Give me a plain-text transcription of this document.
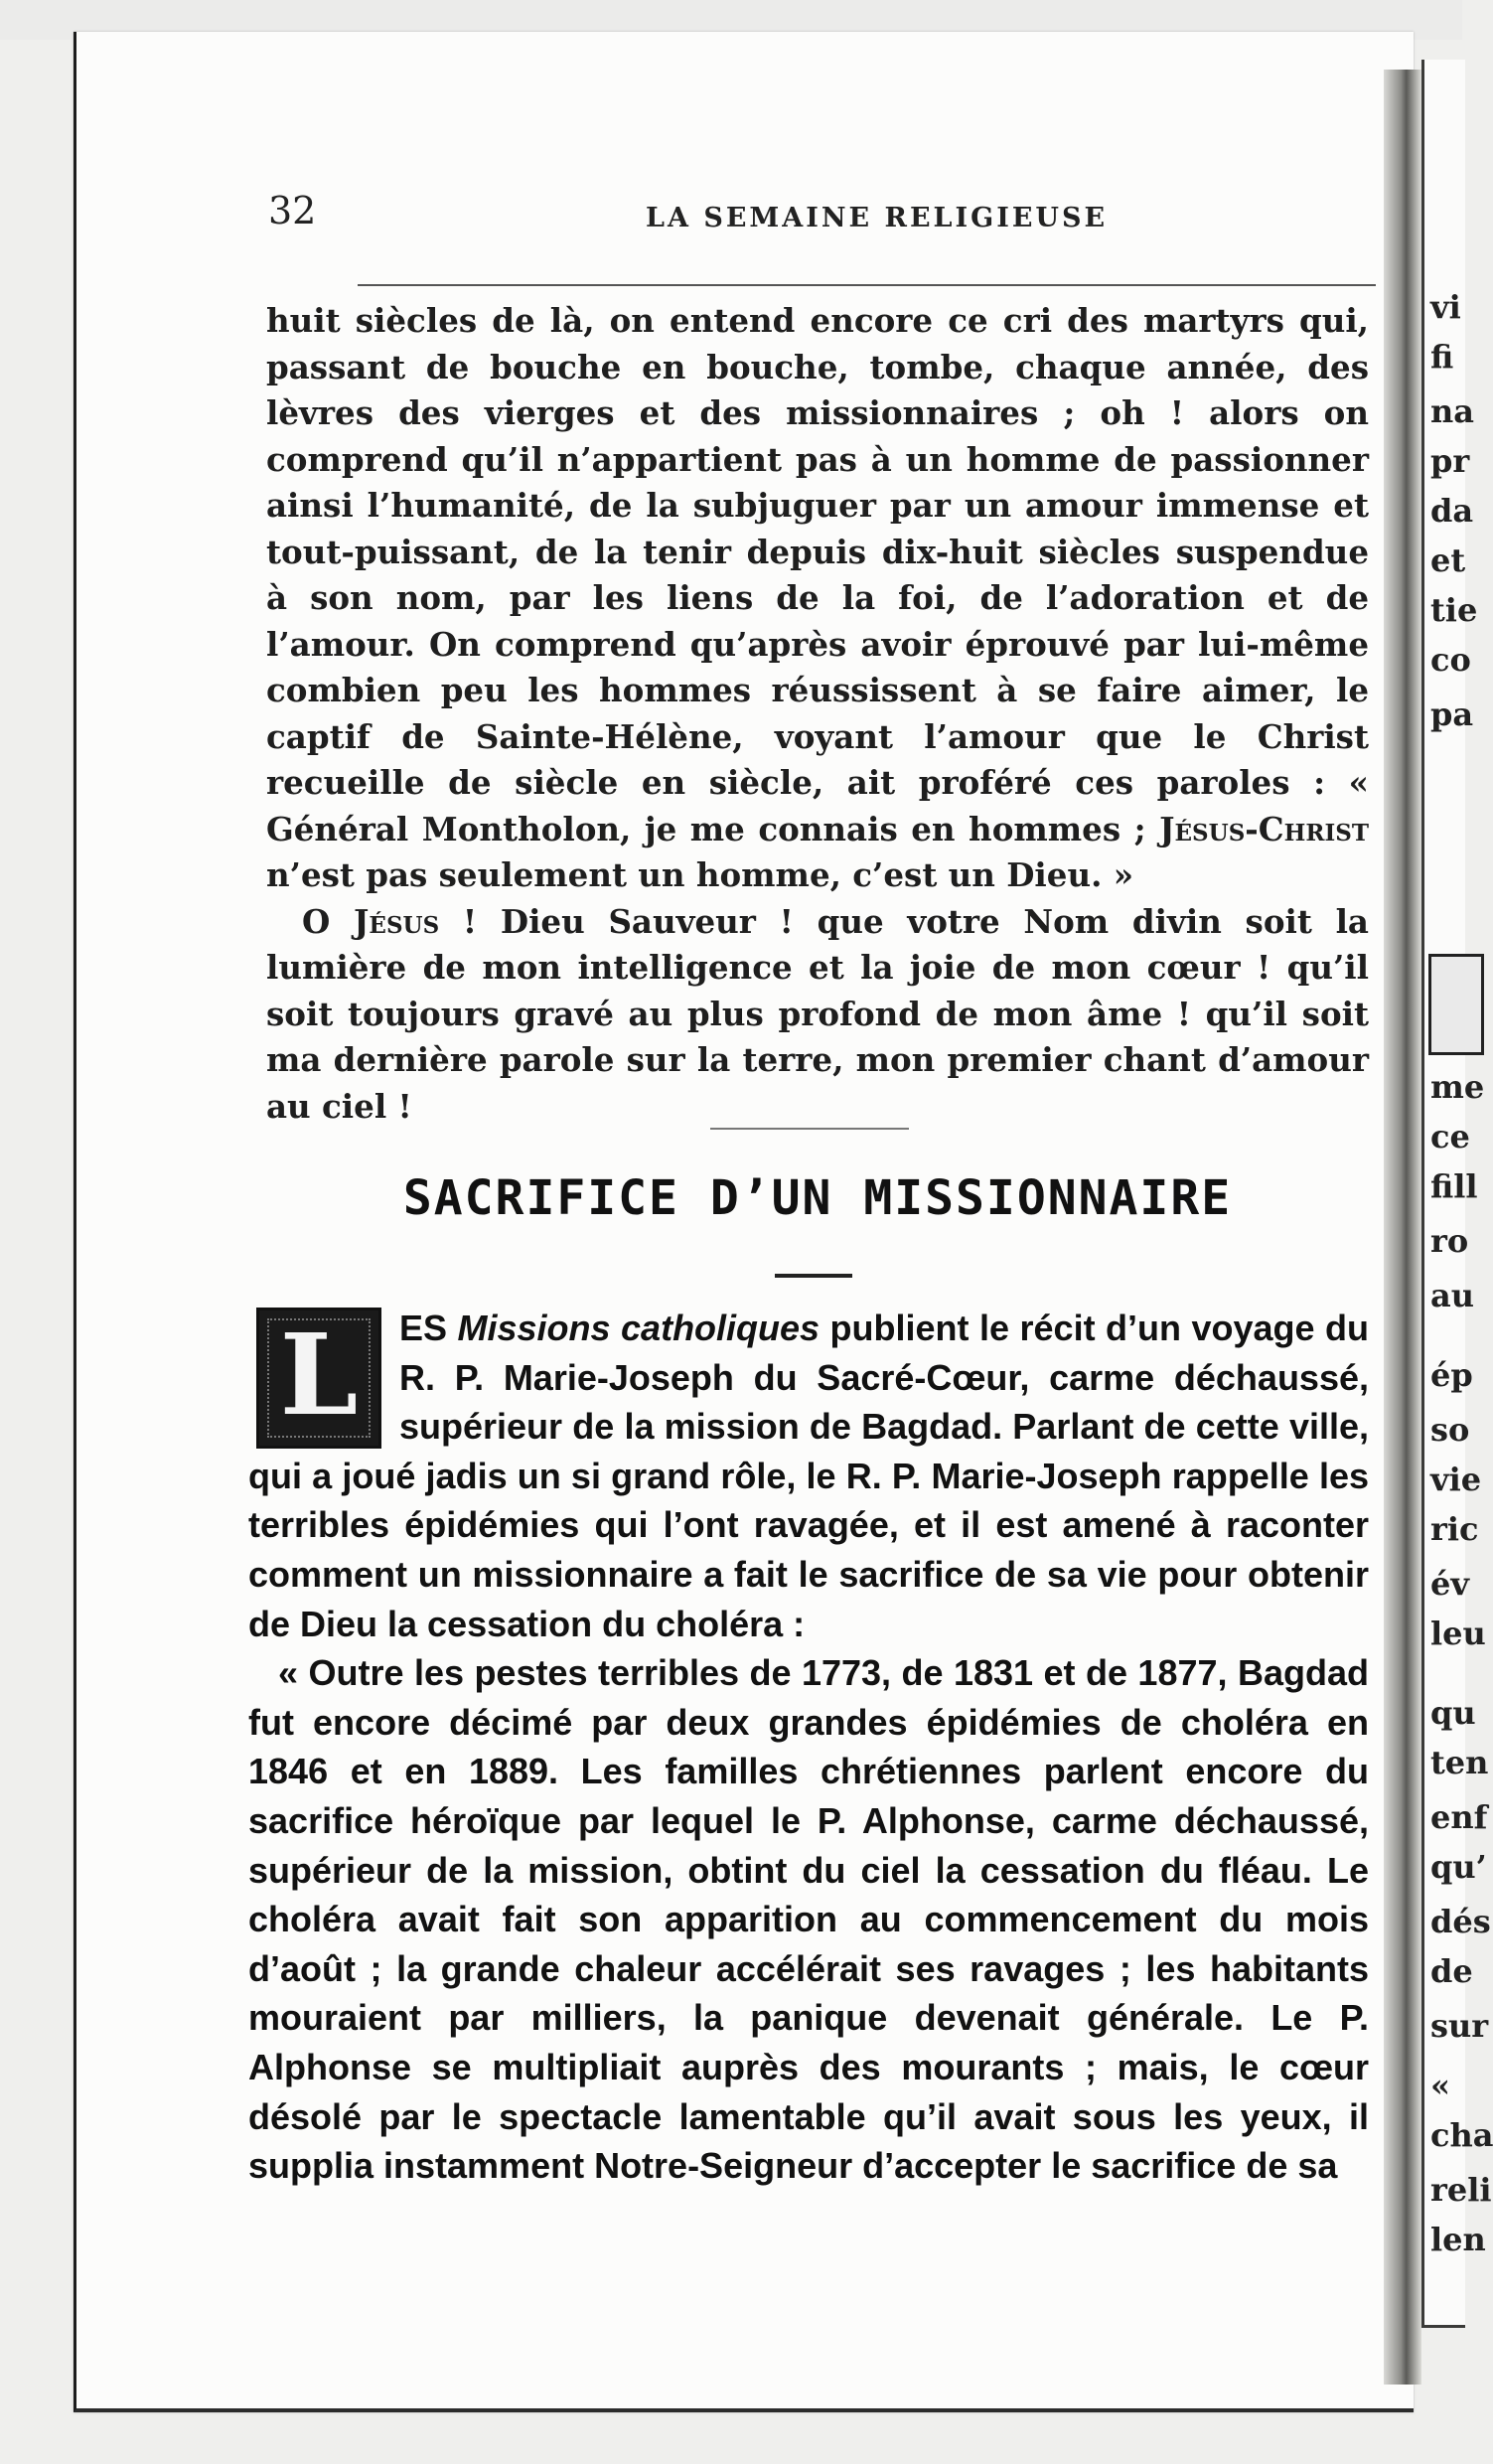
vi
fi
na
pr
da
et
tie
co
pa
me
ce
fill
ro
au
ép
so
vie
ric
év
leu
qu
ten
enf
qu’
dés
de
sur
«
cha
reli
len
32	LA SEMAINE RELIGIEUSE

huit siècles de là, on entend encore ce cri des martyrs qui, passant de bouche en bouche, tombe, chaque année, des lèvres des vierges et des missionnaires ; oh ! alors on comprend qu’il n’appartient pas à un homme de passionner ainsi l’humanité, de la subjuguer par un amour immense et tout-puissant, de la tenir depuis dix-huit siècles suspendue à son nom, par les liens de la foi, de l’adoration et de l’amour. On comprend qu’après avoir éprouvé par lui-même combien peu les hommes réussissent à se faire aimer, le captif de Sainte-Hélène, voyant l’amour que le Christ recueille de siècle en siècle, ait proféré ces paroles : « Général Montholon, je me connais en hommes ; Jésus-Christ n’est pas seulement un homme, c’est un Dieu. »

O Jésus ! Dieu Sauveur ! que votre Nom divin soit la lumière de mon intelligence et la joie de mon cœur ! qu’il soit toujours gravé au plus profond de mon âme ! qu’il soit ma dernière parole sur la terre, mon premier chant d’amour au ciel !

SACRIFICE D’UN MISSIONNAIRE

L	ES Missions catholiques publient le récit d’un voyage du R. P. Marie-Joseph du Sacré-Cœur, carme déchaussé, supérieur de la mission de Bagdad. Parlant de cette ville, qui a joué jadis un si grand rôle, le R. P. Marie-Joseph rappelle les terribles épidémies qui l’ont ravagée, et il est amené à raconter comment un missionnaire a fait le sacrifice de sa vie pour obtenir de Dieu la cessation du choléra :

« Outre les pestes terribles de 1773, de 1831 et de 1877, Bagdad fut encore décimé par deux grandes épidémies de choléra en 1846 et en 1889. Les familles chrétiennes parlent encore du sacrifice héroïque par lequel le P. Alphonse, carme déchaussé, supérieur de la mission, obtint du ciel la cessation du fléau. Le choléra avait fait son apparition au commencement du mois d’août ; la grande chaleur accélérait ses ravages ; les habitants mouraient par milliers, la panique devenait générale. Le P. Alphonse se multipliait auprès des mourants ; mais, le cœur désolé par le spectacle lamentable qu’il avait sous les yeux, il supplia instamment Notre-Seigneur d’accepter le sacrifice de sa
